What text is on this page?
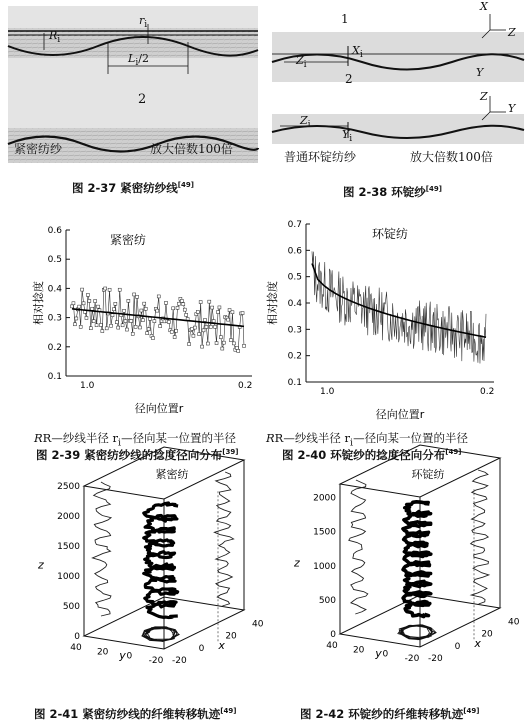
$r_i$
$R_i$
$L_i/2$
2
紧密纺纱	放大倍数100倍
图 2-37 紧密纺纱线[49]
1
2
X
Z
Y
$X_i$
$Z_i$
Z
Y
$Z_i$
$Y_i$
普通环锭纺纱	放大倍数100倍
图 2-38 环锭纱[49]
0.1
0.2
0.3
0.4
0.5
0.6
1.0	0.2
紧密纺
相对捻度
径向位置r
RR—纱线半径 $r_i—$径向某一位置的半径
图 2-39 紧密纺纱线的捻度径向分布[39]
0.1
0.2
0.3
0.4
0.5
0.6
0.7
1.0	0.2
环锭纺
相对捻度
径向位置r
RR—纱线半径 $r_i—$径向某一位置的半径
图 2-40 环锭纱的捻度径向分布[49]
0
500
1000
1500
2000
2500
z
紧密纺
40 20 0 -20
y	-20
0
20
40
x
图 2-41 紧密纺纱线的纤维转移轨迹[49]
0
500
1000
1500
2000
z
环锭纺
40 20 0 -20
y	-20
0
20
40
x
图 2-42 环锭纱的纤维转移轨迹[49]
